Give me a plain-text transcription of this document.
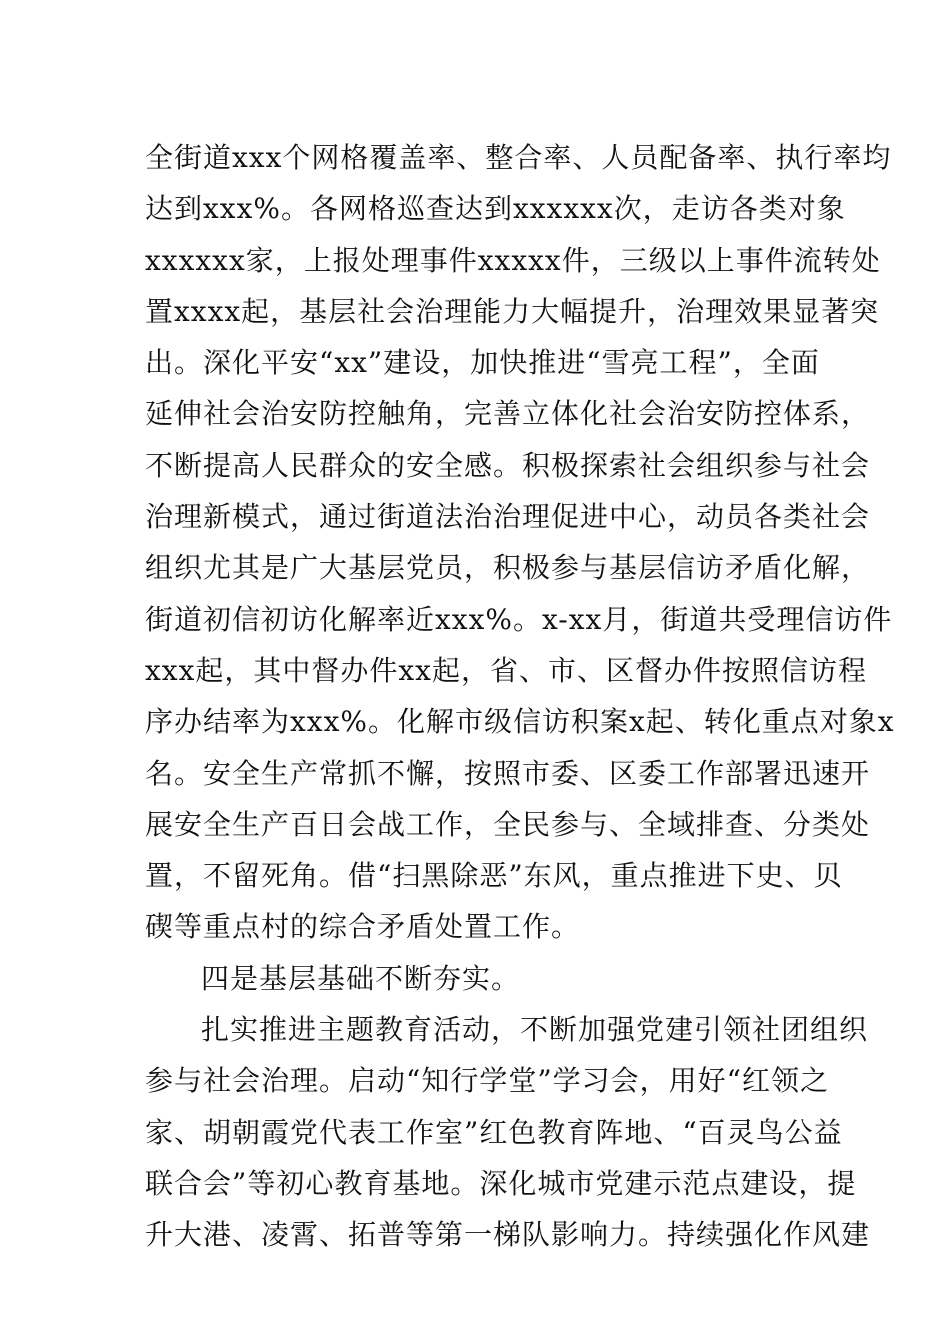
全街道xxx个网格覆盖率、整合率、人员配备率、执行率均
达到xxx%。各网格巡查达到xxxxxx次，走访各类对象
xxxxxx家，上报处理事件xxxxx件，三级以上事件流转处
置xxxx起，基层社会治理能力大幅提升，治理效果显著突
出。深化平安“xx”建设，加快推进“雪亮工程”，全面
延伸社会治安防控触角，完善立体化社会治安防控体系，
不断提高人民群众的安全感。积极探索社会组织参与社会
治理新模式，通过街道法治治理促进中心，动员各类社会
组织尤其是广大基层党员，积极参与基层信访矛盾化解，
街道初信初访化解率近xxx%。x-xx月，街道共受理信访件
xxx起，其中督办件xx起，省、市、区督办件按照信访程
序办结率为xxx%。化解市级信访积案x起、转化重点对象x
名。安全生产常抓不懈，按照市委、区委工作部署迅速开
展安全生产百日会战工作，全民参与、全域排查、分类处
置，不留死角。借“扫黑除恶”东风，重点推进下史、贝
碶等重点村的综合矛盾处置工作。
四是基层基础不断夯实。
扎实推进主题教育活动，不断加强党建引领社团组织
参与社会治理。启动“知行学堂”学习会，用好“红领之
家、胡朝霞党代表工作室”红色教育阵地、“百灵鸟公益
联合会”等初心教育基地。深化城市党建示范点建设，提
升大港、凌霄、拓普等第一梯队影响力。持续强化作风建
